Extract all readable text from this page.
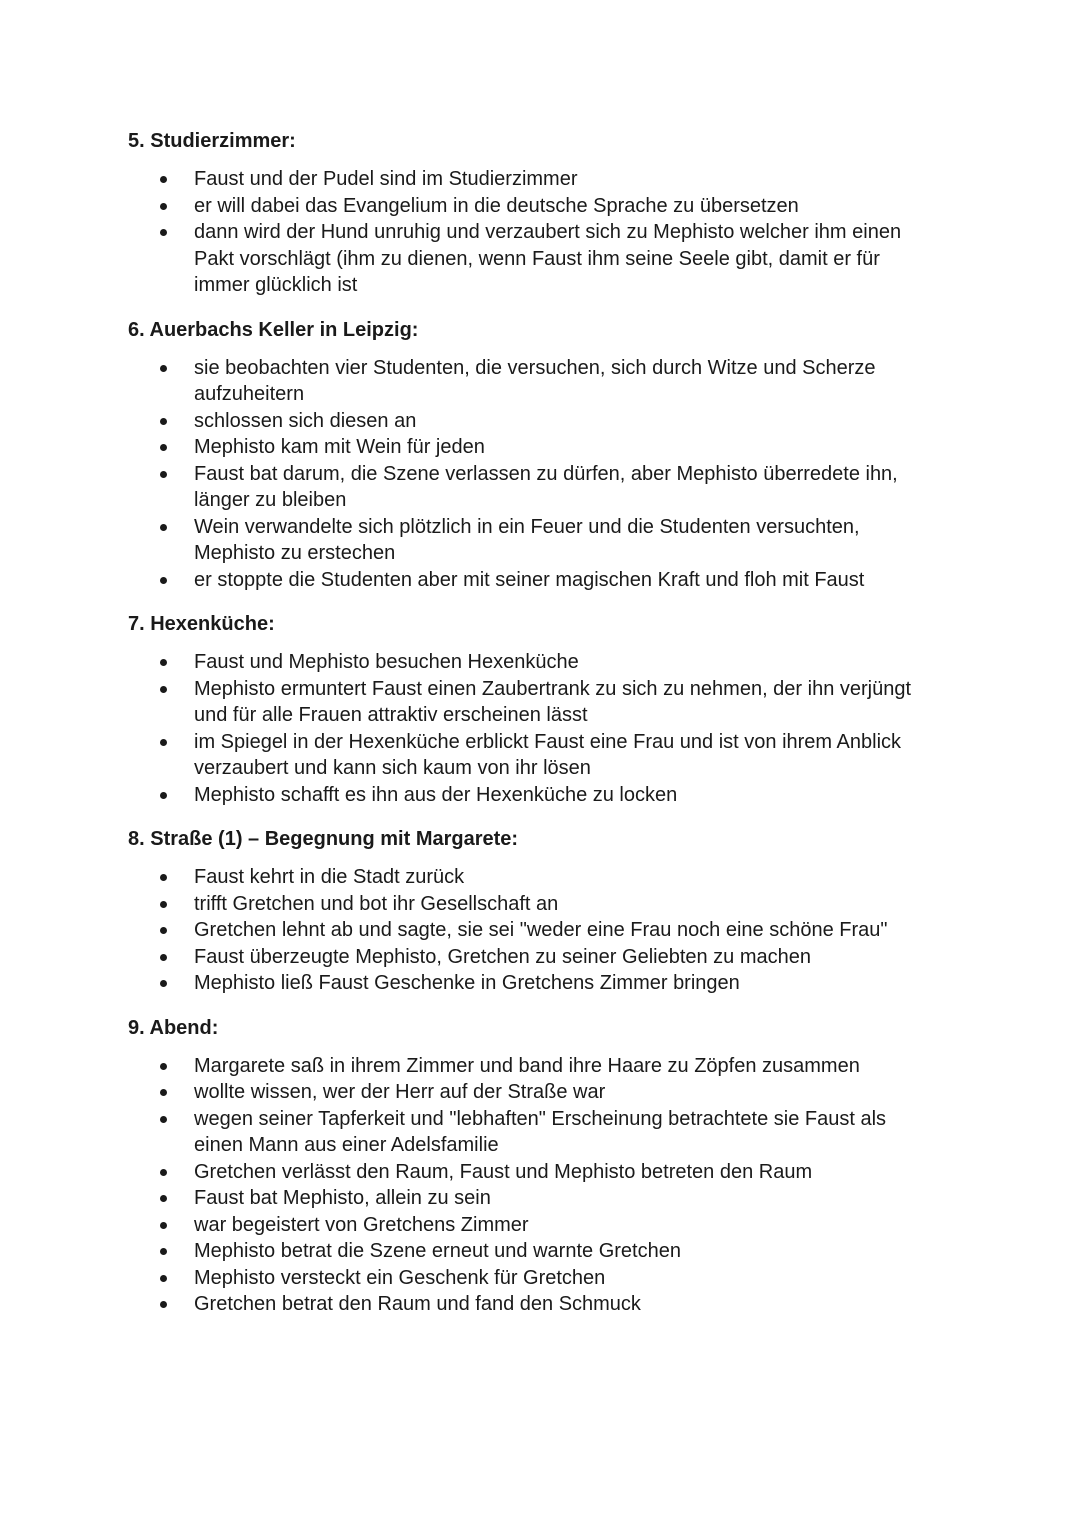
5. Studierzimmer:
Faust und der Pudel sind im Studierzimmer
er will dabei das Evangelium in die deutsche Sprache zu übersetzen
dann wird der Hund unruhig und verzaubert sich zu Mephisto welcher ihm einen Pakt vorschlägt (ihm zu dienen, wenn Faust ihm seine Seele gibt, damit er für immer glücklich ist
6. Auerbachs Keller in Leipzig:
sie beobachten vier Studenten, die versuchen, sich durch Witze und Scherze aufzuheitern
schlossen sich diesen an
Mephisto kam mit Wein für jeden
Faust bat darum, die Szene verlassen zu dürfen, aber Mephisto überredete ihn, länger zu bleiben
Wein verwandelte sich plötzlich in ein Feuer und die Studenten versuchten, Mephisto zu erstechen
er stoppte die Studenten aber mit seiner magischen Kraft und floh mit Faust
7. Hexenküche:
Faust und Mephisto besuchen Hexenküche
Mephisto ermuntert Faust einen Zaubertrank zu sich zu nehmen, der ihn verjüngt und für alle Frauen attraktiv erscheinen lässt
im Spiegel in der Hexenküche erblickt Faust eine Frau und ist von ihrem Anblick verzaubert und kann sich kaum von ihr lösen
Mephisto schafft es ihn aus der Hexenküche zu locken
8. Straße (1) – Begegnung mit Margarete:
Faust kehrt in die Stadt zurück
trifft Gretchen und bot ihr Gesellschaft an
Gretchen lehnt ab und sagte, sie sei "weder eine Frau noch eine schöne Frau"
Faust überzeugte Mephisto, Gretchen zu seiner Geliebten zu machen
Mephisto ließ Faust Geschenke in Gretchens Zimmer bringen
9. Abend:
Margarete saß in ihrem Zimmer und band ihre Haare zu Zöpfen zusammen
wollte wissen, wer der Herr auf der Straße war
wegen seiner Tapferkeit und "lebhaften" Erscheinung betrachtete sie Faust als einen Mann aus einer Adelsfamilie
Gretchen verlässt den Raum, Faust und Mephisto betreten den Raum
Faust bat Mephisto, allein zu sein
war begeistert von Gretchens Zimmer
Mephisto betrat die Szene erneut und warnte Gretchen
Mephisto versteckt ein Geschenk für Gretchen
Gretchen betrat den Raum und fand den Schmuck
